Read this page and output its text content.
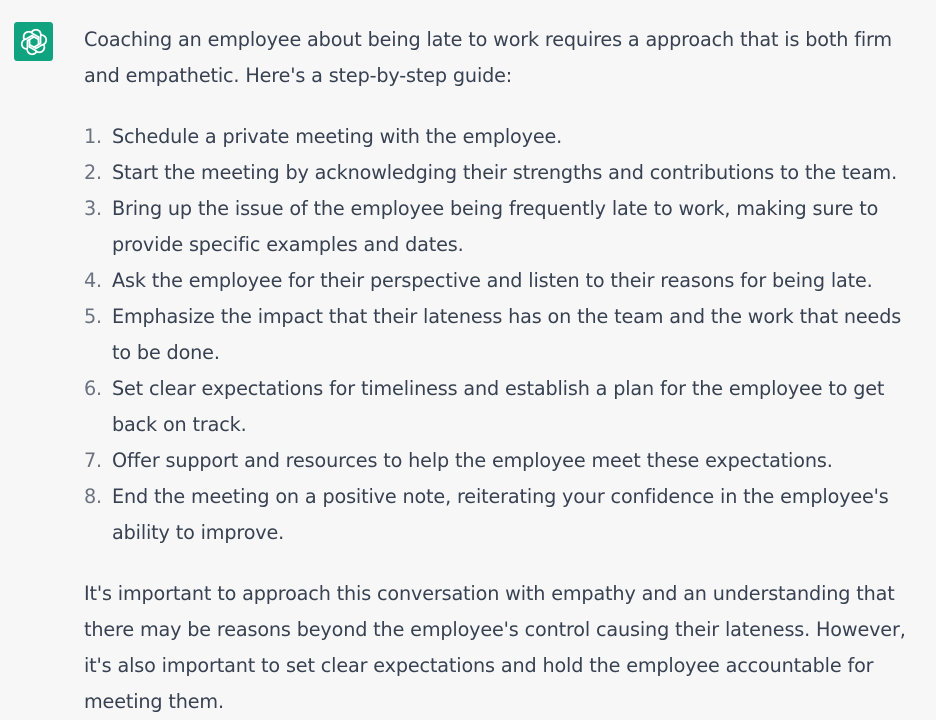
Coaching an employee about being late to work requires a approach that is both firm and empathetic. Here's a step-by-step guide:

1. Schedule a private meeting with the employee.
2. Start the meeting by acknowledging their strengths and contributions to the team.
3. Bring up the issue of the employee being frequently late to work, making sure to provide specific examples and dates.
4. Ask the employee for their perspective and listen to their reasons for being late.
5. Emphasize the impact that their lateness has on the team and the work that needs to be done.
6. Set clear expectations for timeliness and establish a plan for the employee to get back on track.
7. Offer support and resources to help the employee meet these expectations.
8. End the meeting on a positive note, reiterating your confidence in the employee's ability to improve.

It's important to approach this conversation with empathy and an understanding that there may be reasons beyond the employee's control causing their lateness. However, it's also important to set clear expectations and hold the employee accountable for meeting them.
